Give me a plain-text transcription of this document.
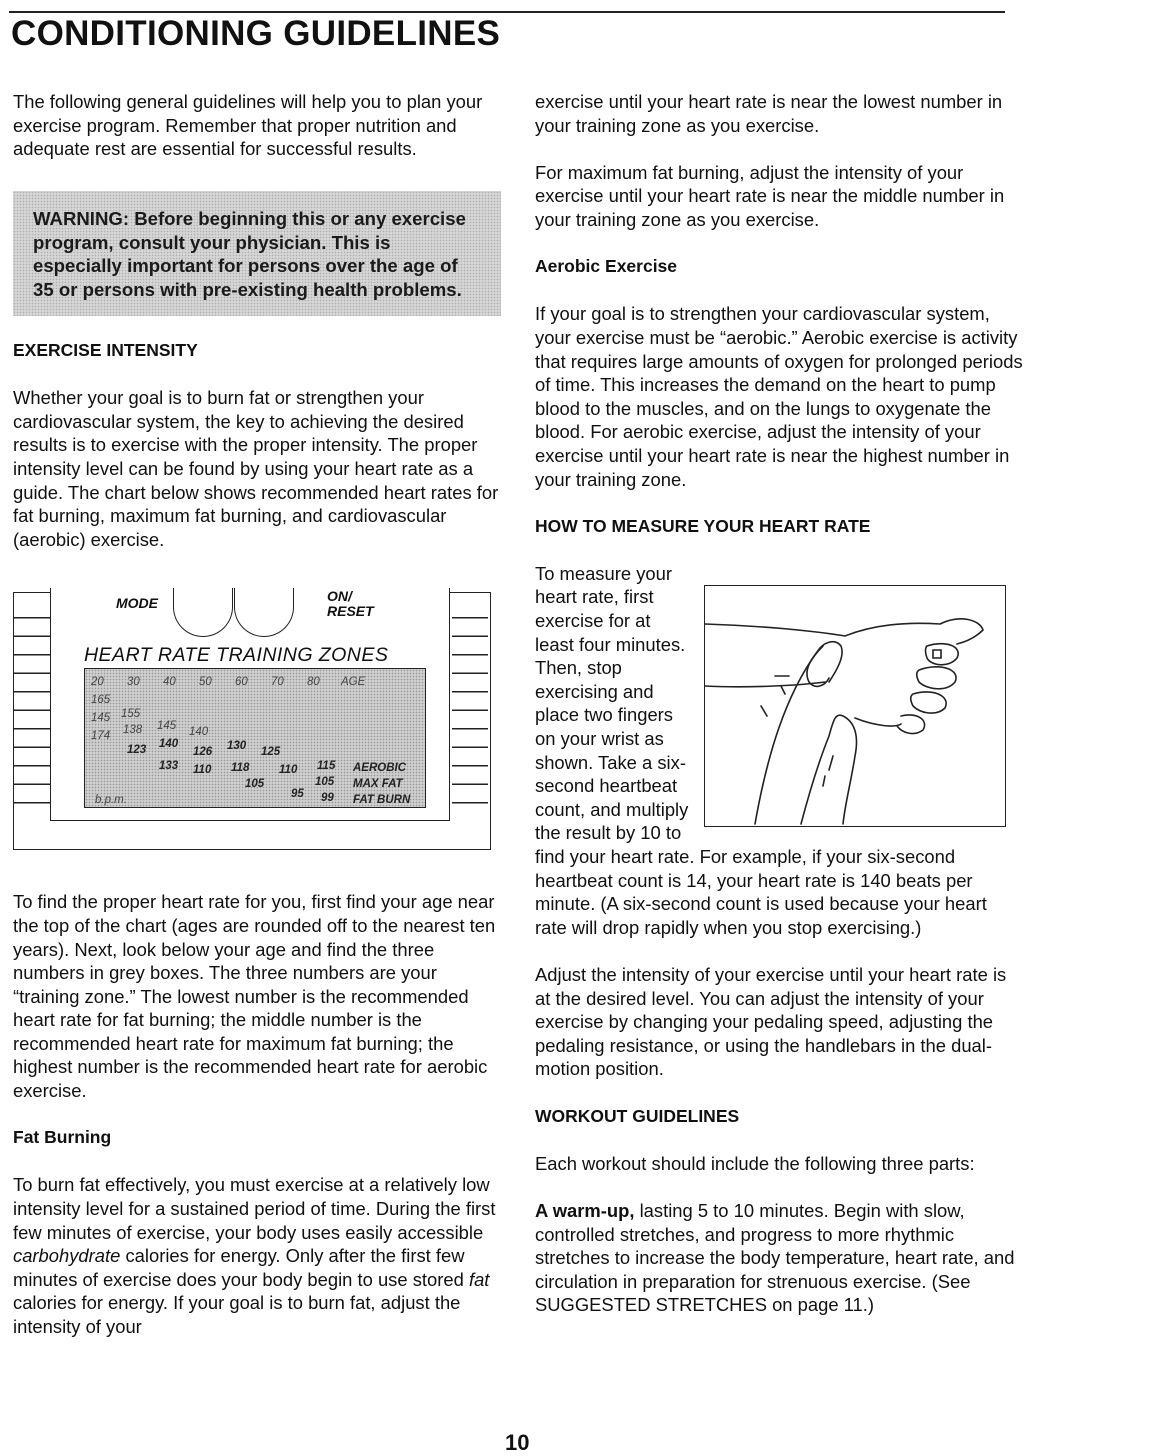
CONDITIONING GUIDELINES

The following general guidelines will help you to plan your exercise program. Remember that proper nutrition and adequate rest are essential for successful results.

WARNING: Before beginning this or any exercise program, consult your physician. This is especially important for persons over the age of 35 or persons with pre-existing health problems.

EXERCISE INTENSITY

Whether your goal is to burn fat or strengthen your cardiovascular system, the key to achieving the desired results is to exercise with the proper intensity. The proper intensity level can be found by using your heart rate as a guide. The chart below shows recommended heart rates for fat burning, maximum fat burning, and cardiovascular (aerobic) exercise.

MODE	ON/
RESET
HEART RATE TRAINING ZONES
20 30 40 50 60 70 80 AGE
165
145 155
174 138 145 140
123 140
126 130
133 110
125
118	110
105
115
95
105
99
AEROBIC
MAX FAT
FAT BURN
b.p.m.

To find the proper heart rate for you, first find your age near the top of the chart (ages are rounded off to the nearest ten years). Next, look below your age and find the three numbers in grey boxes. The three numbers are your “training zone.” The lowest number is the recommended heart rate for fat burning; the middle number is the recommended heart rate for maximum fat burning; the highest number is the recommended heart rate for aerobic exercise.

Fat Burning

To burn fat effectively, you must exercise at a relatively low intensity level for a sustained period of time. During the first few minutes of exercise, your body uses easily accessible carbohydrate calories for energy. Only after the first few minutes of exercise does your body begin to use stored fat calories for energy. If your goal is to burn fat, adjust the intensity of your

exercise until your heart rate is near the lowest number in your training zone as you exercise.

For maximum fat burning, adjust the intensity of your exercise until your heart rate is near the middle number in your training zone as you exercise.

Aerobic Exercise

If your goal is to strengthen your cardiovascular system, your exercise must be “aerobic.” Aerobic exercise is activity that requires large amounts of oxygen for prolonged periods of time. This increases the demand on the heart to pump blood to the muscles, and on the lungs to oxygenate the blood. For aerobic exercise, adjust the intensity of your exercise until your heart rate is near the highest number in your training zone.

HOW TO MEASURE YOUR HEART RATE

To measure your heart rate, first exercise for at least four minutes. Then, stop exercising and place two fingers on your wrist as shown. Take a six-second heartbeat count, and multiply the result by 10 to find your heart rate. For example, if your six-second heartbeat count is 14, your heart rate is 140 beats per minute. (A six-second count is used because your heart rate will drop rapidly when you stop exercising.)

Adjust the intensity of your exercise until your heart rate is at the desired level. You can adjust the intensity of your exercise by changing your pedaling speed, adjusting the pedaling resistance, or using the handlebars in the dual-motion position.

WORKOUT GUIDELINES

Each workout should include the following three parts:

A warm-up, lasting 5 to 10 minutes. Begin with slow, controlled stretches, and progress to more rhythmic stretches to increase the body temperature, heart rate, and circulation in preparation for strenuous exercise. (See SUGGESTED STRETCHES on page 11.)

10
